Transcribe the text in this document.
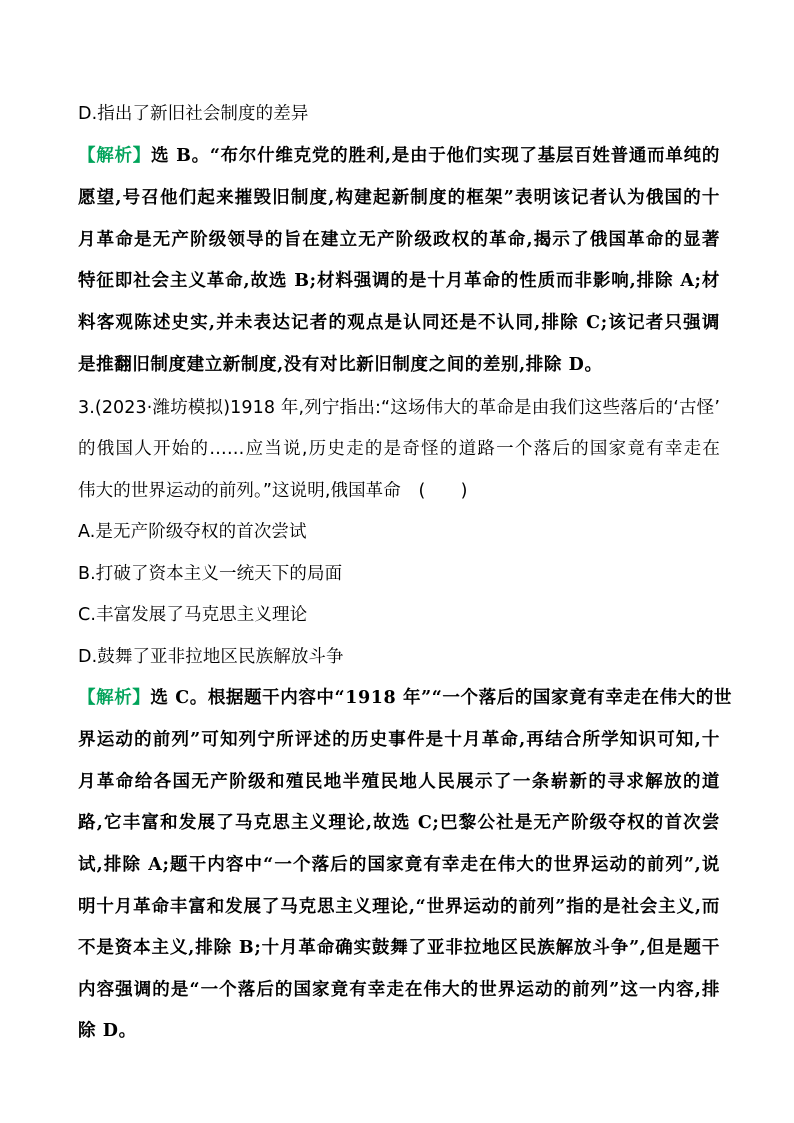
D.指出了新旧社会制度的差异
【解析】选 B。“布尔什维克党的胜利,是由于他们实现了基层百姓普通而单纯的
愿望,号召他们起来摧毁旧制度,构建起新制度的框架”表明该记者认为俄国的十
月革命是无产阶级领导的旨在建立无产阶级政权的革命,揭示了俄国革命的显著
特征即社会主义革命,故选 B;材料强调的是十月革命的性质而非影响,排除 A;材
料客观陈述史实,并未表达记者的观点是认同还是不认同,排除 C;该记者只强调
是推翻旧制度建立新制度,没有对比新旧制度之间的差别,排除 D。
3.(2023·潍坊模拟)1918 年,列宁指出:“这场伟大的革命是由我们这些落后的‘古怪’
的俄国人开始的……应当说,历史走的是奇怪的道路一个落后的国家竟有幸走在
伟大的世界运动的前列。”这说明,俄国革命　(　　)
A.是无产阶级夺权的首次尝试
B.打破了资本主义一统天下的局面
C.丰富发展了马克思主义理论
D.鼓舞了亚非拉地区民族解放斗争
【解析】选 C。根据题干内容中“1918 年”“一个落后的国家竟有幸走在伟大的世
界运动的前列”可知列宁所评述的历史事件是十月革命,再结合所学知识可知,十
月革命给各国无产阶级和殖民地半殖民地人民展示了一条崭新的寻求解放的道
路,它丰富和发展了马克思主义理论,故选 C;巴黎公社是无产阶级夺权的首次尝
试,排除 A;题干内容中“一个落后的国家竟有幸走在伟大的世界运动的前列”,说
明十月革命丰富和发展了马克思主义理论,“世界运动的前列”指的是社会主义,而
不是资本主义,排除 B;十月革命确实鼓舞了亚非拉地区民族解放斗争”,但是题干
内容强调的是“一个落后的国家竟有幸走在伟大的世界运动的前列”这一内容,排
除 D。
